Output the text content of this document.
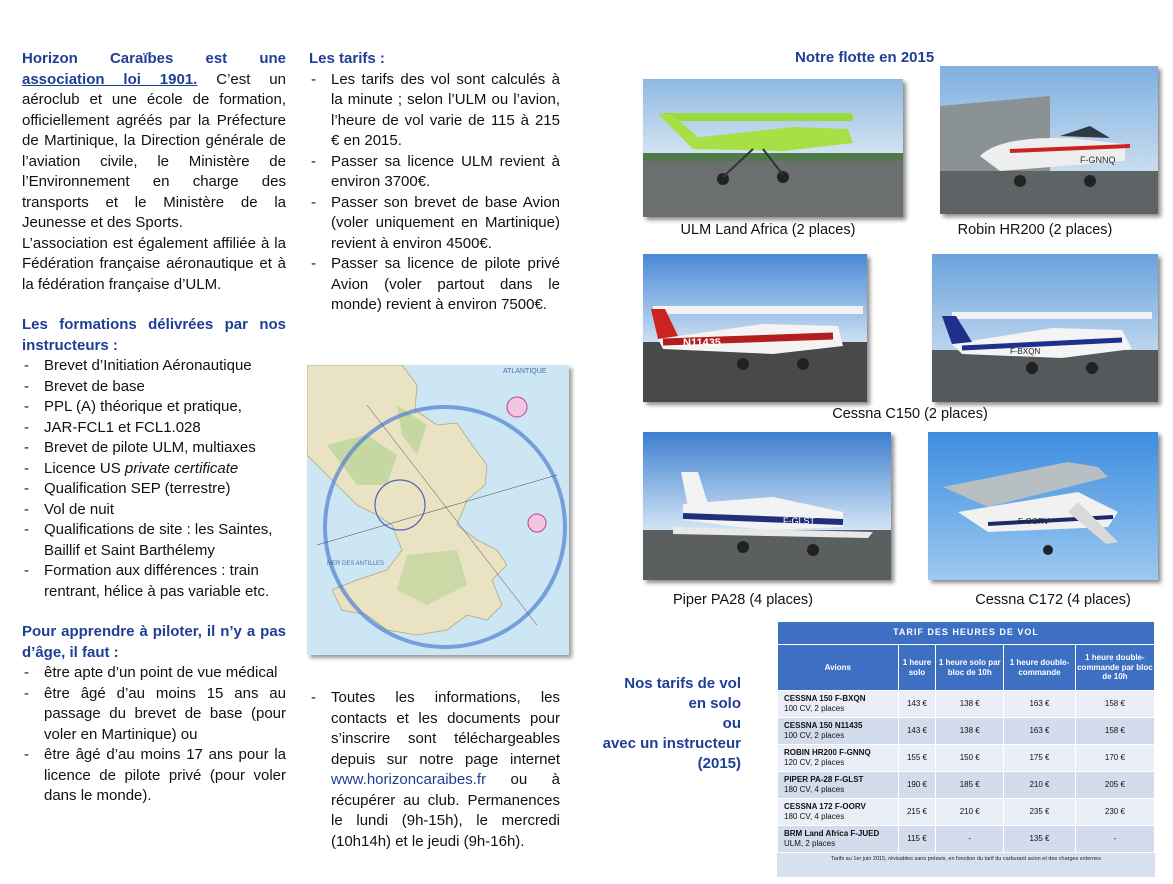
Horizon Caraïbes est une association loi 1901. C’est un aéroclub et une école de formation, officiellement agréés par la Préfecture de Martinique, la Direction générale de l’aviation civile, le Ministère de l’Environnement en charge des transports et le Ministère de la Jeunesse et des Sports.

L’association est également affiliée à la Fédération française aéronautique et à la fédération française d’ULM.

Les formations délivrées par nos instructeurs :
- Brevet d’Initiation Aéronautique
- Brevet de base
- PPL (A) théorique et pratique,
- JAR-FCL1 et FCL1.028
- Brevet de pilote ULM, multiaxes
- Licence US private certificate
- Qualification SEP (terrestre)
- Vol de nuit
- Qualifications de site : les Saintes, Baillif et Saint Barthélemy
- Formation aux différences : train rentrant, hélice à pas variable etc.
Pour apprendre à piloter, il n’y a pas d’âge, il faut :
- être apte d’un point de vue médical
- être âgé d’au moins 15 ans au passage du brevet de base (pour voler en Martinique) ou
- être âgé d’au moins 17 ans pour la licence de pilote privé (pour voler dans le monde).
Les tarifs :
- Les tarifs des vol sont calculés à la minute ; selon l’ULM ou l’avion, l’heure de vol varie de 115 à 215 € en 2015.
- Passer sa licence ULM revient à environ 3700€.
- Passer son brevet de base Avion (voler uniquement en Martinique) revient à environ 4500€.
- Passer sa licence de pilote privé Avion (voler partout dans le monde) revient à environ 7500€.
ATLANTIQUE
MER DES ANTILLES
- Toutes les informations, les contacts et les documents pour s’inscrire sont téléchargeables depuis sur notre page internet www.horizoncaraibes.fr ou à récupérer au club. Permanences le lundi (9h-15h), le mercredi (10h14h) et le jeudi (9h-16h).
Notre flotte en 2015
ULM Land Africa (2 places)
F-GNNQ
Robin HR200 (2 places)
N11435
F-BXQN
Cessna C150 (2 places)
F-GLST
Piper PA28 (4 places)
F-OORV
Cessna C172 (4 places)
Nos tarifs de vol
en solo
ou
avec un instructeur
(2015)
TARIF DES HEURES DE VOL				
Avions	1 heure solo	1 heure solo par bloc de 10h	1 heure double-commande	1 heure double-commande par bloc de 10h
CESSNA 150 F-BXQN
100 CV, 2 places	143 €	138 €	163 €	158 €
CESSNA 150 N11435
100 CV, 2 places	143 €	138 €	163 €	158 €
ROBIN HR200 F-GNNQ
120 CV, 2 places	155 €	150 €	175 €	170 €
PIPER PA-28 F-GLST
180 CV, 4 places	190 €	185 €	210 €	205 €
CESSNA 172 F-OORV
180 CV, 4 places	215 €	210 €	235 €	230 €
BRM Land Africa F-JUED
ULM, 2 places	115 €	-	135 €	-
Tarifs au 1er juin 2015, révisables sans préavis, en fonction du tarif du carburant avion et des charges externes
